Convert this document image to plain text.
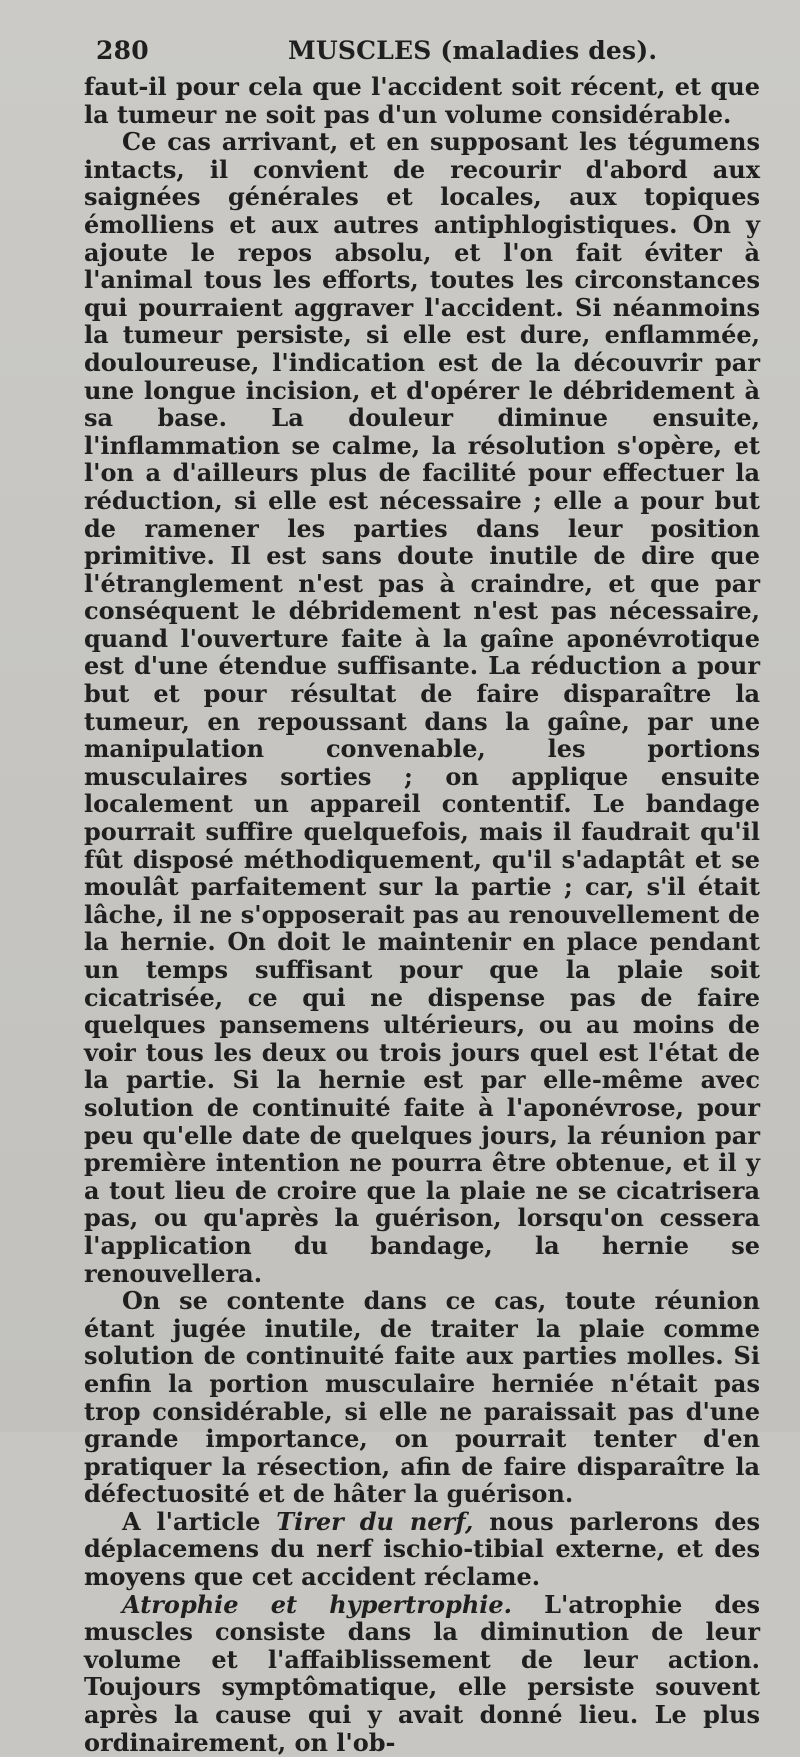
280	MUSCLES (maladies des).

faut-il pour cela que l'accident soit récent, et que la tumeur ne soit pas d'un volume considérable.

Ce cas arrivant, et en supposant les tégumens intacts, il convient de recourir d'abord aux saignées générales et locales, aux topiques émolliens et aux autres antiphlogistiques. On y ajoute le repos absolu, et l'on fait éviter à l'animal tous les efforts, toutes les circonstances qui pourraient aggraver l'accident. Si néanmoins la tumeur persiste, si elle est dure, enflammée, douloureuse, l'indication est de la découvrir par une longue incision, et d'opérer le débridement à sa base. La douleur diminue ensuite, l'inflammation se calme, la résolution s'opère, et l'on a d'ailleurs plus de facilité pour effectuer la réduction, si elle est nécessaire ; elle a pour but de ramener les parties dans leur position primitive. Il est sans doute inutile de dire que l'étranglement n'est pas à craindre, et que par conséquent le débridement n'est pas nécessaire, quand l'ouverture faite à la gaîne aponévrotique est d'une étendue suffisante. La réduction a pour but et pour résultat de faire disparaître la tumeur, en repoussant dans la gaîne, par une manipulation convenable, les portions musculaires sorties ; on applique ensuite localement un appareil contentif. Le bandage pourrait suffire quelquefois, mais il faudrait qu'il fût disposé méthodiquement, qu'il s'adaptât et se moulât parfaitement sur la partie ; car, s'il était lâche, il ne s'opposerait pas au renouvellement de la hernie. On doit le maintenir en place pendant un temps suffisant pour que la plaie soit cicatrisée, ce qui ne dispense pas de faire quelques pansemens ultérieurs, ou au moins de voir tous les deux ou trois jours quel est l'état de la partie. Si la hernie est par elle-même avec solution de continuité faite à l'aponévrose, pour peu qu'elle date de quelques jours, la réunion par première intention ne pourra être obtenue, et il y a tout lieu de croire que la plaie ne se cicatrisera pas, ou qu'après la guérison, lorsqu'on cessera l'application du bandage, la hernie se renouvellera.

On se contente dans ce cas, toute réunion étant jugée inutile, de traiter la plaie comme solution de continuité faite aux parties molles. Si enfin la portion musculaire herniée n'était pas trop considérable, si elle ne paraissait pas d'une grande importance, on pourrait tenter d'en pratiquer la résection, afin de faire disparaître la défectuosité et de hâter la guérison.

A l'article Tirer du nerf, nous parlerons des déplacemens du nerf ischio-tibial externe, et des moyens que cet accident réclame.

Atrophie et hypertrophie. L'atrophie des muscles consiste dans la diminution de leur volume et l'affaiblissement de leur action. Toujours symptômatique, elle persiste souvent après la cause qui y avait donné lieu. Le plus ordinairement, on l'ob-
